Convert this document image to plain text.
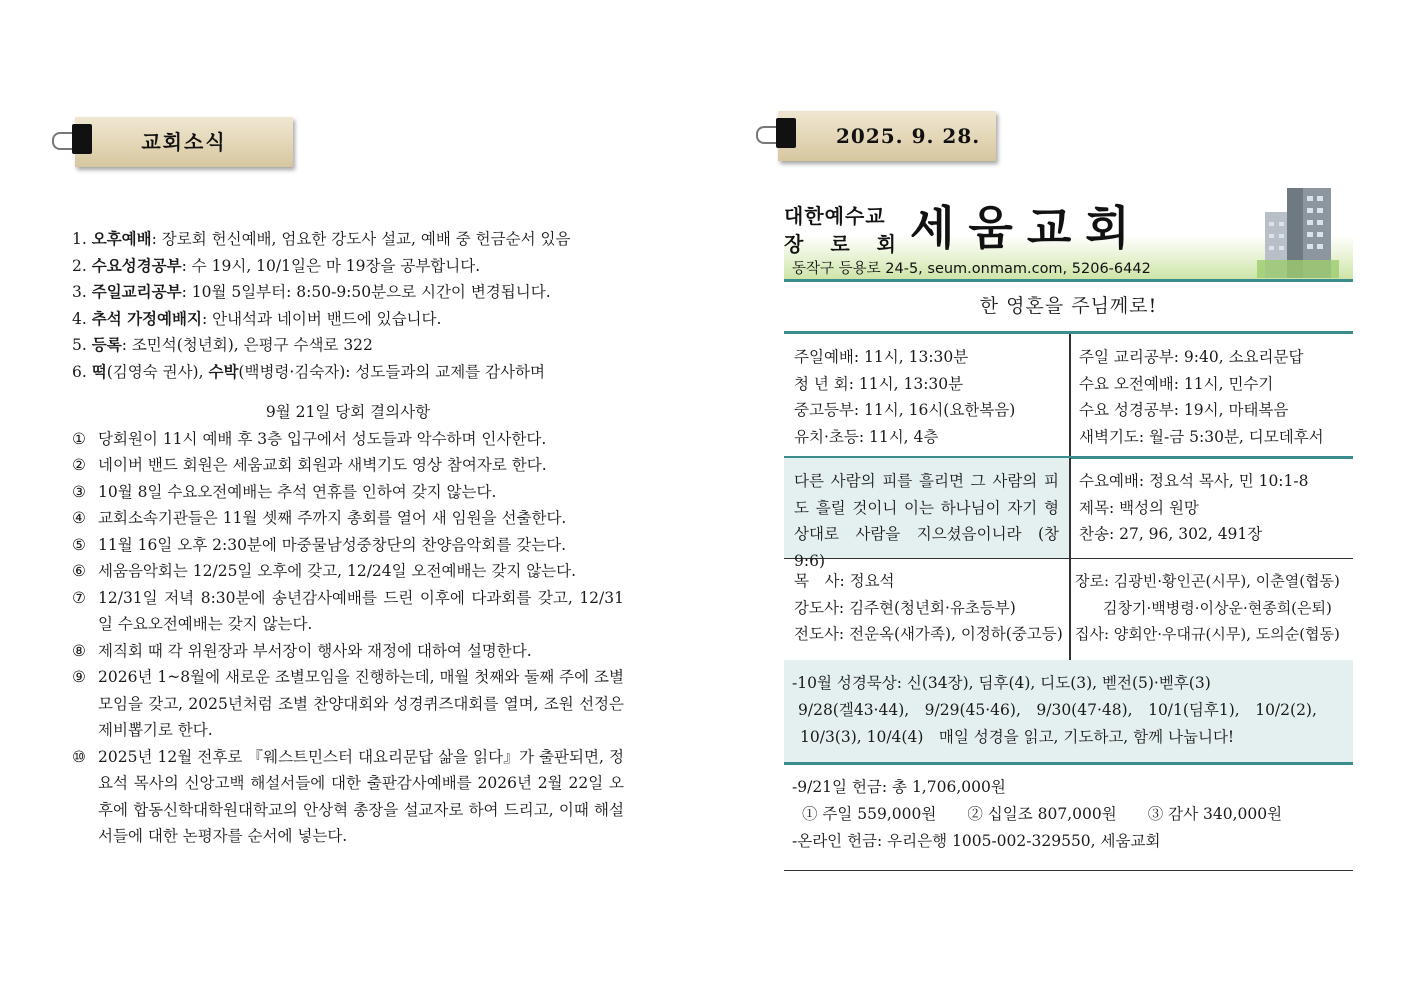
교회소식
1. 오후예배: 장로회 헌신예배, 엄요한 강도사 설교, 예배 중 헌금순서 있음
2. 수요성경공부: 수 19시, 10/1일은 마 19장을 공부합니다.
3. 주일교리공부: 10월 5일부터: 8:50-9:50분으로 시간이 변경됩니다.
4. 추석 가정예배지: 안내석과 네이버 밴드에 있습니다.
5. 등록: 조민석(청년회), 은평구 수색로 322
6. 떡(김영숙 권사), 수박(백병령·김숙자): 성도들과의 교제를 감사하며
9월 21일 당회 결의사항
① 당회원이 11시 예배 후 3층 입구에서 성도들과 악수하며 인사한다.
② 네이버 밴드 회원은 세움교회 회원과 새벽기도 영상 참여자로 한다.
③ 10월 8일 수요오전예배는 추석 연휴를 인하여 갖지 않는다.
④ 교회소속기관들은 11월 셋째 주까지 총회를 열어 새 임원을 선출한다.
⑤ 11월 16일 오후 2:30분에 마중물남성중창단의 찬양음악회를 갖는다.
⑥ 세움음악회는 12/25일 오후에 갖고, 12/24일 오전예배는 갖지 않는다.
⑦ 12/31일 저녁 8:30분에 송년감사예배를 드린 이후에 다과회를 갖고, 12/31일 수요오전예배는 갖지 않는다.
⑧ 제직회 때 각 위원장과 부서장이 행사와 재정에 대하여 설명한다.
⑨ 2026년 1~8월에 새로운 조별모임을 진행하는데, 매월 첫째와 둘째 주에 조별모임을 갖고, 2025년처럼 조별 찬양대회와 성경퀴즈대회를 열며, 조원 선정은 제비뽑기로 한다.
⑩ 2025년 12월 전후로 『웨스트민스터 대요리문답 삶을 읽다』가 출판되면, 정요석 목사의 신앙고백 해설서들에 대한 출판감사예배를 2026년 2월 22일 오후에 합동신학대학원대학교의 안상혁 총장을 설교자로 하여 드리고, 이때 해설서들에 대한 논평자를 순서에 넣는다.
2025. 9. 28.
대한예수교
장로회
세움교회
동작구 등용로 24-5, seum.onmam.com, 5206-6442
한 영혼을 주님께로!
주일예배: 11시, 13:30분
청 년 회: 11시, 13:30분
중고등부: 11시, 16시(요한복음)
유치·초등: 11시, 4층
주일 교리공부: 9:40, 소요리문답
수요 오전예배: 11시, 민수기
수요 성경공부: 19시, 마태복음
새벽기도: 월-금 5:30분, 디모데후서
다른 사람의 피를 흘리면 그 사람의 피도 흘릴 것이니 이는 하나님이 자기 형상대로 사람을 지으셨음이니라 (창 9:6)
수요예배: 정요석 목사, 민 10:1-8
제목: 백성의 원망
찬송: 27, 96, 302, 491장
목　사: 정요석
강도사: 김주현(청년회·유초등부)
전도사: 전운옥(새가족), 이정하(중고등)
장로: 김광빈·황인곤(시무), 이춘열(협동)
김창기·백병령·이상운·현종희(은퇴)
집사: 양회안·우대규(시무), 도의순(협동)
-10월 성경묵상: 신(34장), 딤후(4), 디도(3), 벧전(5)·벧후(3)
9/28(겔43·44),　9/29(45·46),　9/30(47·48),　10/1(딤후1),　10/2(2),
10/3(3), 10/4(4)　매일 성경을 읽고, 기도하고, 함께 나눕니다!
-9/21일 헌금: 총 1,706,000원
① 주일 559,000원　　② 십일조 807,000원　　③ 감사 340,000원
-온라인 헌금: 우리은행 1005-002-329550, 세움교회
